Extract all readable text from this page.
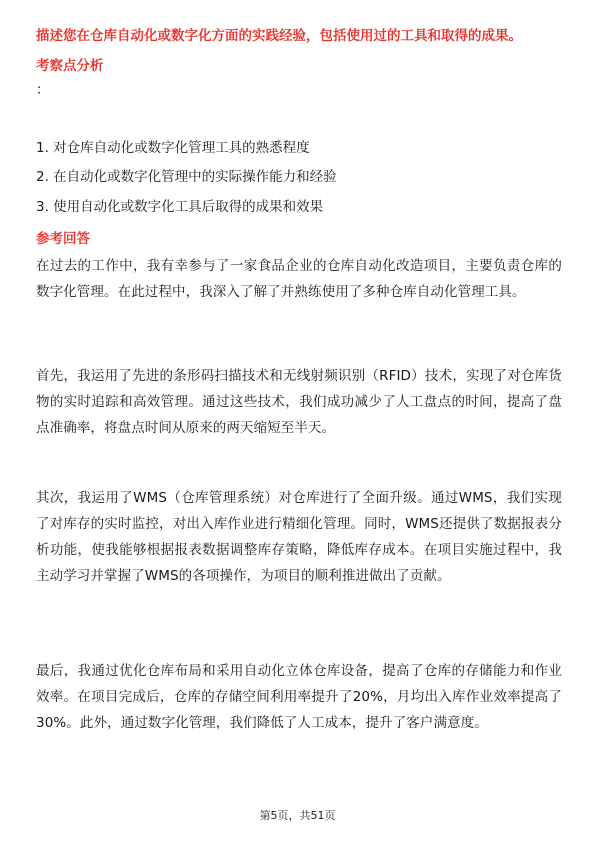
描述您在仓库自动化或数字化方面的实践经验，包括使用过的工具和取得的成果。
考察点分析
：
1. 对仓库自动化或数字化管理工具的熟悉程度
2. 在自动化或数字化管理中的实际操作能力和经验
3. 使用自动化或数字化工具后取得的成果和效果
参考回答
在过去的工作中，我有幸参与了一家食品企业的仓库自动化改造项目，主要负责仓库的数字化管理。在此过程中，我深入了解了并熟练使用了多种仓库自动化管理工具。
首先，我运用了先进的条形码扫描技术和无线射频识别（RFID）技术，实现了对仓库货物的实时追踪和高效管理。通过这些技术，我们成功减少了人工盘点的时间，提高了盘点准确率，将盘点时间从原来的两天缩短至半天。
其次，我运用了WMS（仓库管理系统）对仓库进行了全面升级。通过WMS，我们实现了对库存的实时监控，对出入库作业进行精细化管理。同时，WMS还提供了数据报表分析功能，使我能够根据报表数据调整库存策略，降低库存成本。在项目实施过程中，我主动学习并掌握了WMS的各项操作，为项目的顺利推进做出了贡献。
最后，我通过优化仓库布局和采用自动化立体仓库设备，提高了仓库的存储能力和作业效率。在项目完成后，仓库的存储空间利用率提升了20%，月均出入库作业效率提高了30%。此外，通过数字化管理，我们降低了人工成本，提升了客户满意度。
第5页，共51页
